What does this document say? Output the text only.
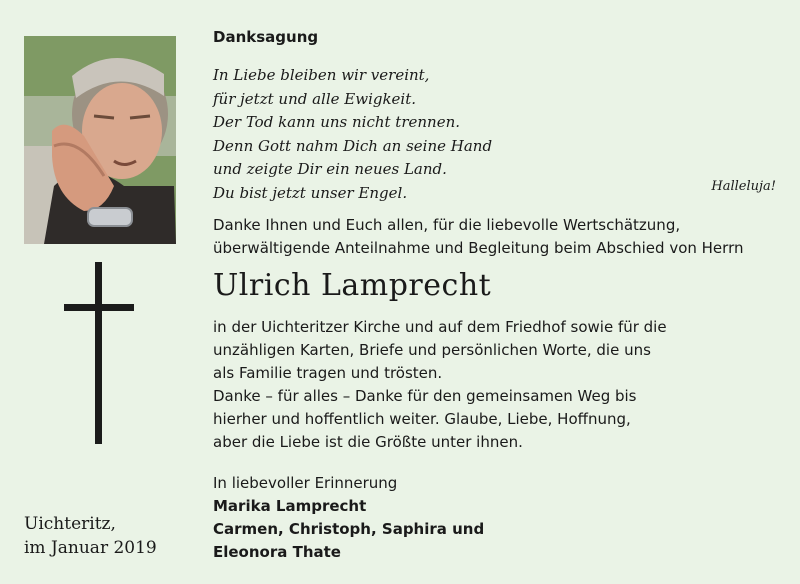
Uichteritz,
im Januar 2019
Danksagung
In Liebe bleiben wir vereint,
für jetzt und alle Ewigkeit.
Der Tod kann uns nicht trennen.
Denn Gott nahm Dich an seine Hand
und zeigte Dir ein neues Land.
Du bist jetzt unser Engel.	Halleluja!
Danke Ihnen und Euch allen, für die liebevolle Wertschätzung,
überwältigende Anteilnahme und Begleitung beim Abschied von Herrn
Ulrich Lamprecht
in der Uichteritzer Kirche und auf dem Friedhof sowie für die
unzähligen Karten, Briefe und persönlichen Worte, die uns
als Familie tragen und trösten.
Danke – für alles – Danke für den gemeinsamen Weg bis
hierher und hoffentlich weiter. Glaube, Liebe, Hoffnung,
aber die Liebe ist die Größte unter ihnen.
In liebevoller Erinnerung
Marika Lamprecht
Carmen, Christoph, Saphira und
Eleonora Thate
